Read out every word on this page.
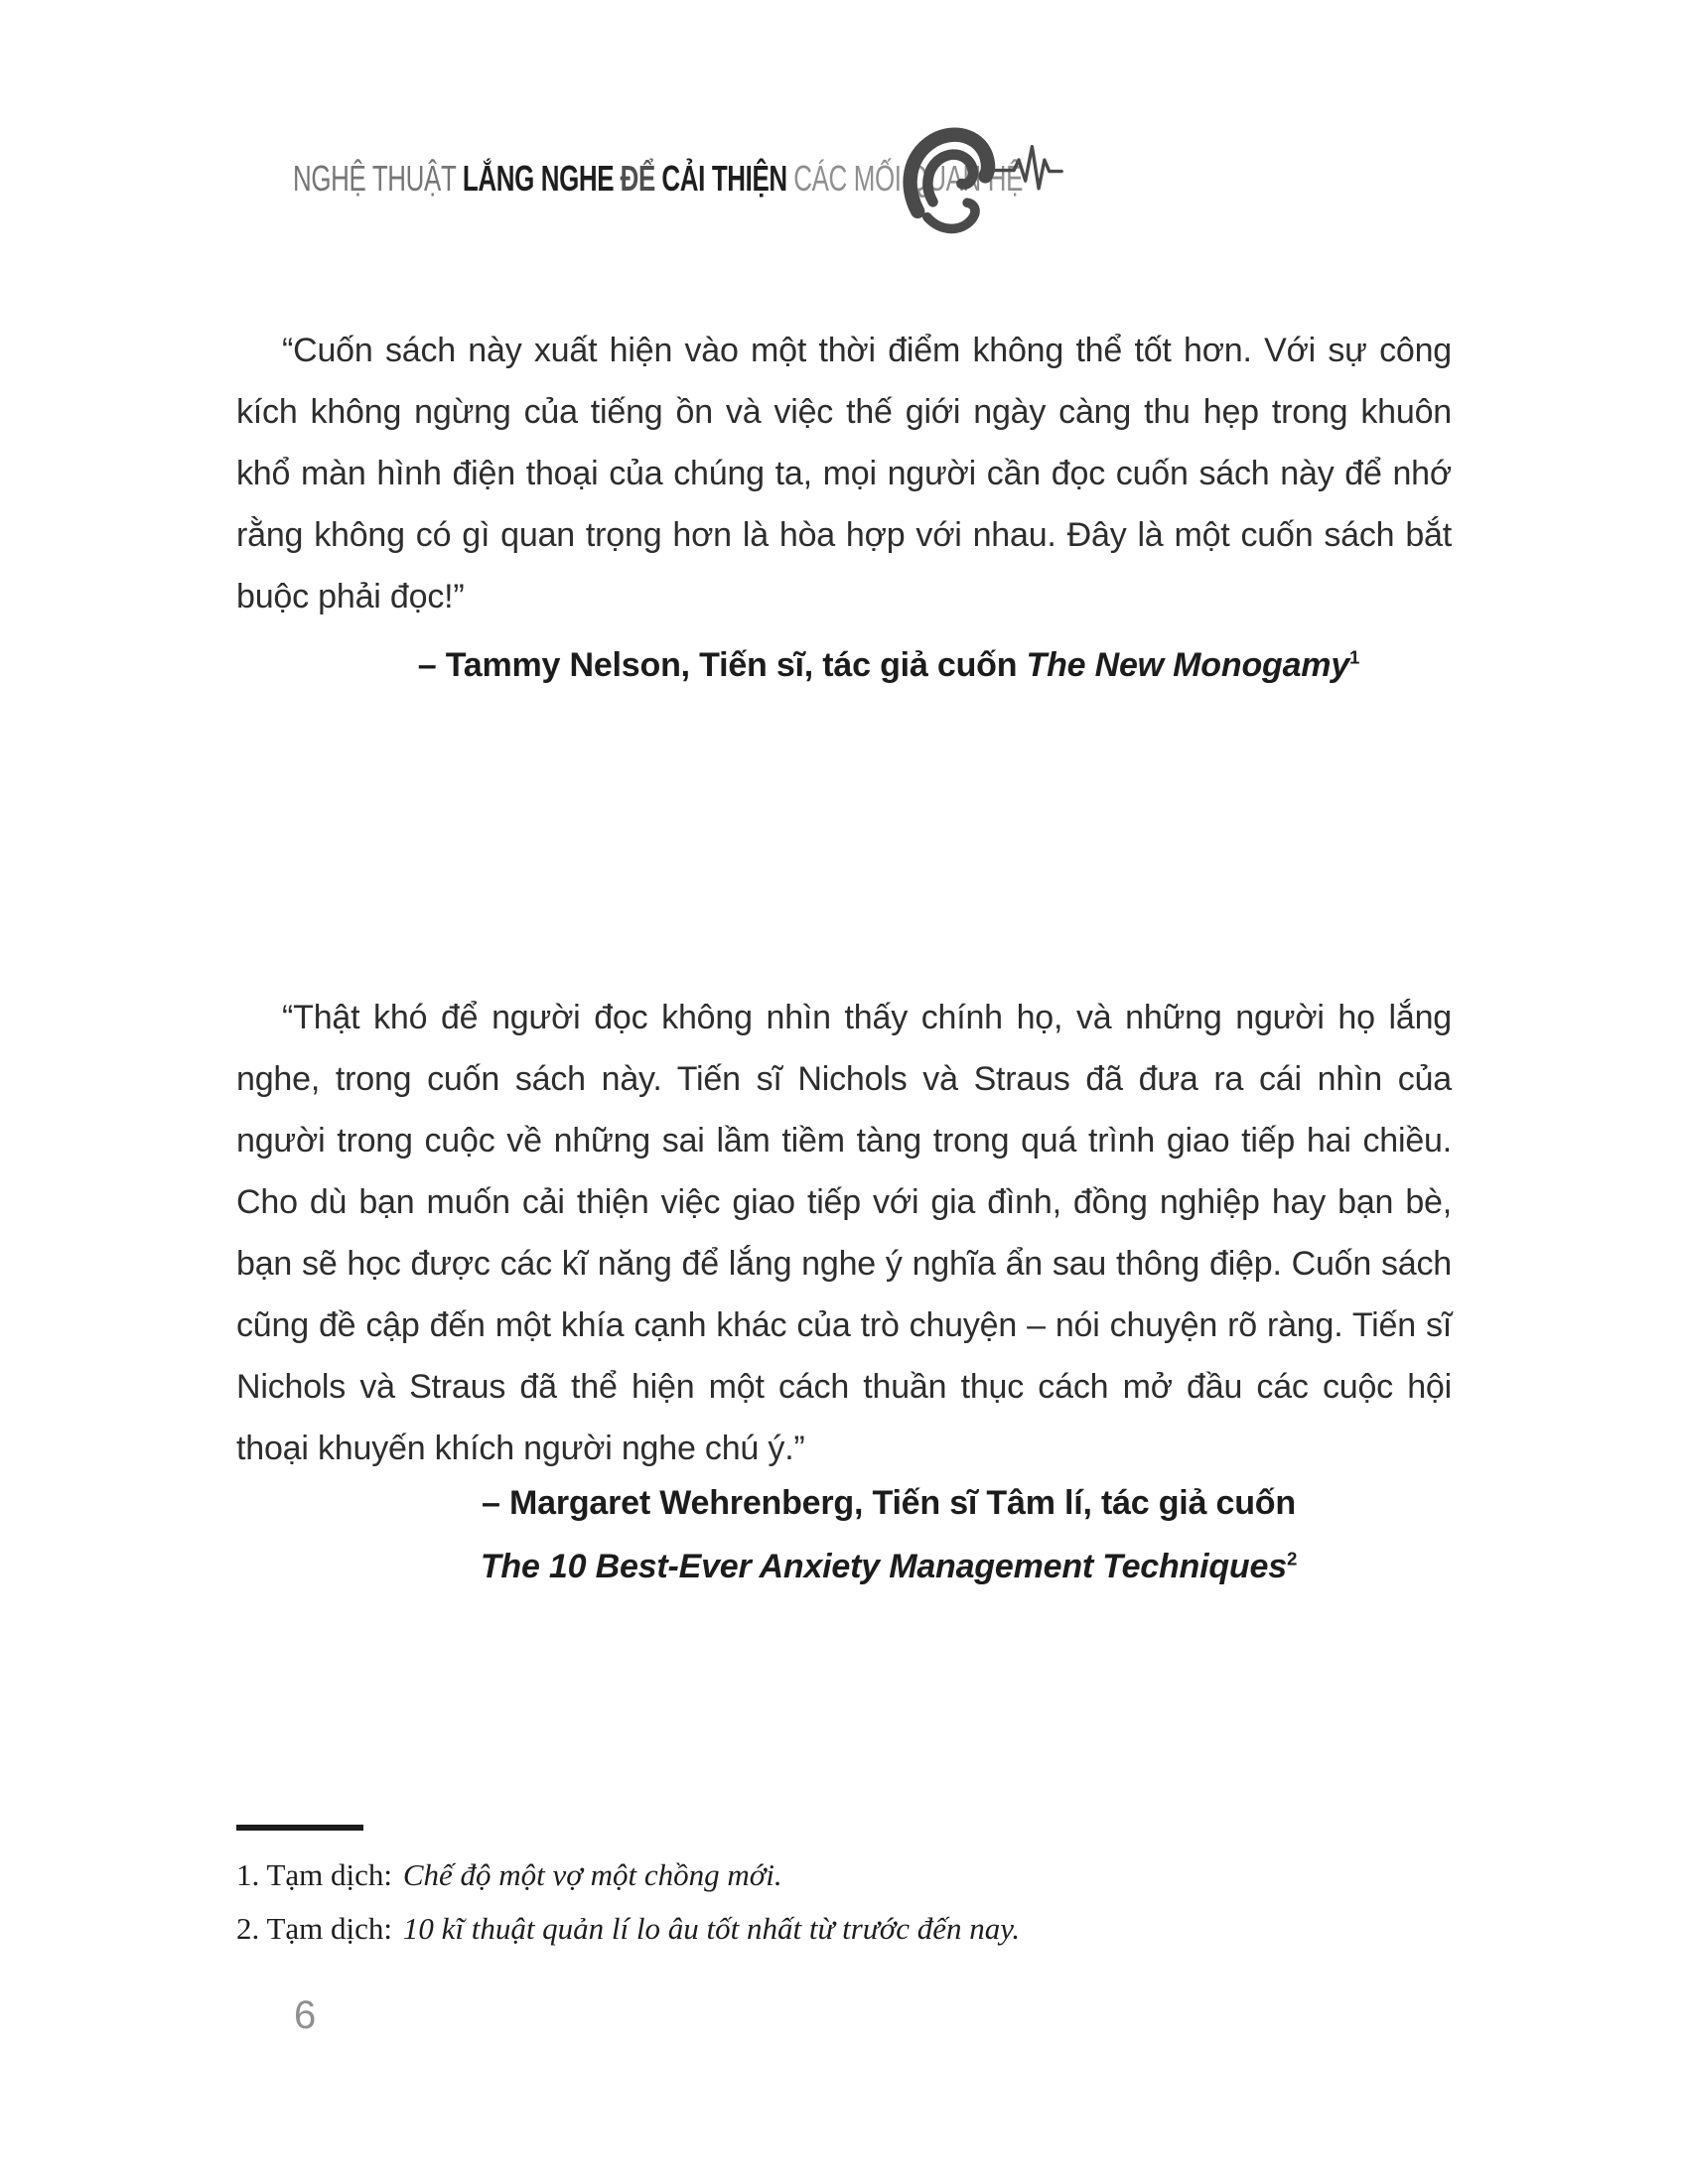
NGHỆ THUẬT LẮNG NGHE ĐỂ CẢI THIỆN CÁC MỐI QUAN HỆ

“Cuốn sách này xuất hiện vào một thời điểm không thể tốt hơn. Với sự công kích không ngừng của tiếng ồn và việc thế giới ngày càng thu hẹp trong khuôn khổ màn hình điện thoại của chúng ta, mọi người cần đọc cuốn sách này để nhớ rằng không có gì quan trọng hơn là hòa hợp với nhau. Đây là một cuốn sách bắt buộc phải đọc!”

– Tammy Nelson, Tiến sĩ, tác giả cuốn The New Monogamy$^1$

“Thật khó để người đọc không nhìn thấy chính họ, và những người họ lắng nghe, trong cuốn sách này. Tiến sĩ Nichols và Straus đã đưa ra cái nhìn của người trong cuộc về những sai lầm tiềm tàng trong quá trình giao tiếp hai chiều. Cho dù bạn muốn cải thiện việc giao tiếp với gia đình, đồng nghiệp hay bạn bè, bạn sẽ học được các kĩ năng để lắng nghe ý nghĩa ẩn sau thông điệp. Cuốn sách cũng đề cập đến một khía cạnh khác của trò chuyện – nói chuyện rõ ràng. Tiến sĩ Nichols và Straus đã thể hiện một cách thuần thục cách mở đầu các cuộc hội thoại khuyến khích người nghe chú ý.”

– Margaret Wehrenberg, Tiến sĩ Tâm lí, tác giả cuốn
The 10 Best-Ever Anxiety Management Techniques$^2$
1. Tạm dịch: Chế độ một vợ một chồng mới.
2. Tạm dịch: 10 kĩ thuật quản lí lo âu tốt nhất từ trước đến nay.
6
